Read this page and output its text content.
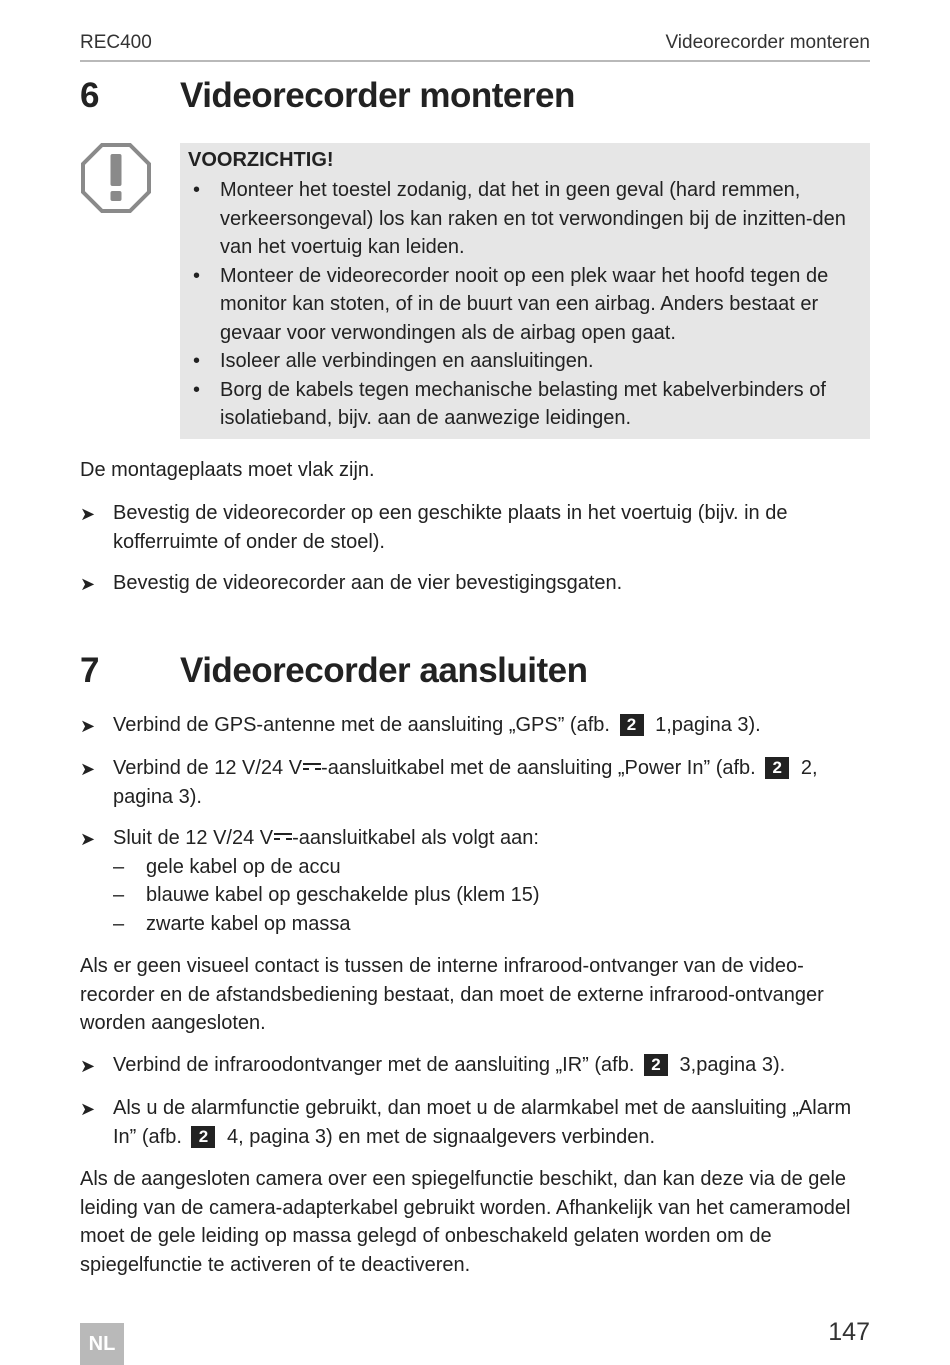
REC400	Videorecorder monteren
6 Videorecorder monteren
VOORZICHTIG!
• Monteer het toestel zodanig, dat het in geen geval (hard remmen, verkeersongeval) los kan raken en tot verwondingen bij de inzitten-den van het voertuig kan leiden.
• Monteer de videorecorder nooit op een plek waar het hoofd tegen de monitor kan stoten, of in de buurt van een airbag. Anders bestaat er gevaar voor verwondingen als de airbag open gaat.
• Isoleer alle verbindingen en aansluitingen.
• Borg de kabels tegen mechanische belasting met kabelverbinders of isolatieband, bijv. aan de aanwezige leidingen.
De montageplaats moet vlak zijn.
➤ Bevestig de videorecorder op een geschikte plaats in het voertuig (bijv. in de kofferruimte of onder de stoel).
➤ Bevestig de videorecorder aan de vier bevestigingsgaten.
7 Videorecorder aansluiten
➤ Verbind de GPS-antenne met de aansluiting „GPS” (afb. 2 1,pagina 3).
➤ Verbind de 12 V/24 V -aansluitkabel met de aansluiting „Power In” (afb. 2 2, pagina 3).
➤ Sluit de 12 V/24 V -aansluitkabel als volgt aan:
– gele kabel op de accu
– blauwe kabel op geschakelde plus (klem 15)
– zwarte kabel op massa
Als er geen visueel contact is tussen de interne infrarood-ontvanger van de video-recorder en de afstandsbediening bestaat, dan moet de externe infrarood-ontvanger worden aangesloten.
➤ Verbind de infraroodontvanger met de aansluiting „IR” (afb. 2 3,pagina 3).
➤ Als u de alarmfunctie gebruikt, dan moet u de alarmkabel met de aansluiting „Alarm In” (afb. 2 4, pagina 3) en met de signaalgevers verbinden.
Als de aangesloten camera over een spiegelfunctie beschikt, dan kan deze via de gele leiding van de camera-adapterkabel gebruikt worden. Afhankelijk van het cameramodel moet de gele leiding op massa gelegd of onbeschakeld gelaten worden om de spiegelfunctie te activeren of te deactiveren.
NL	147
